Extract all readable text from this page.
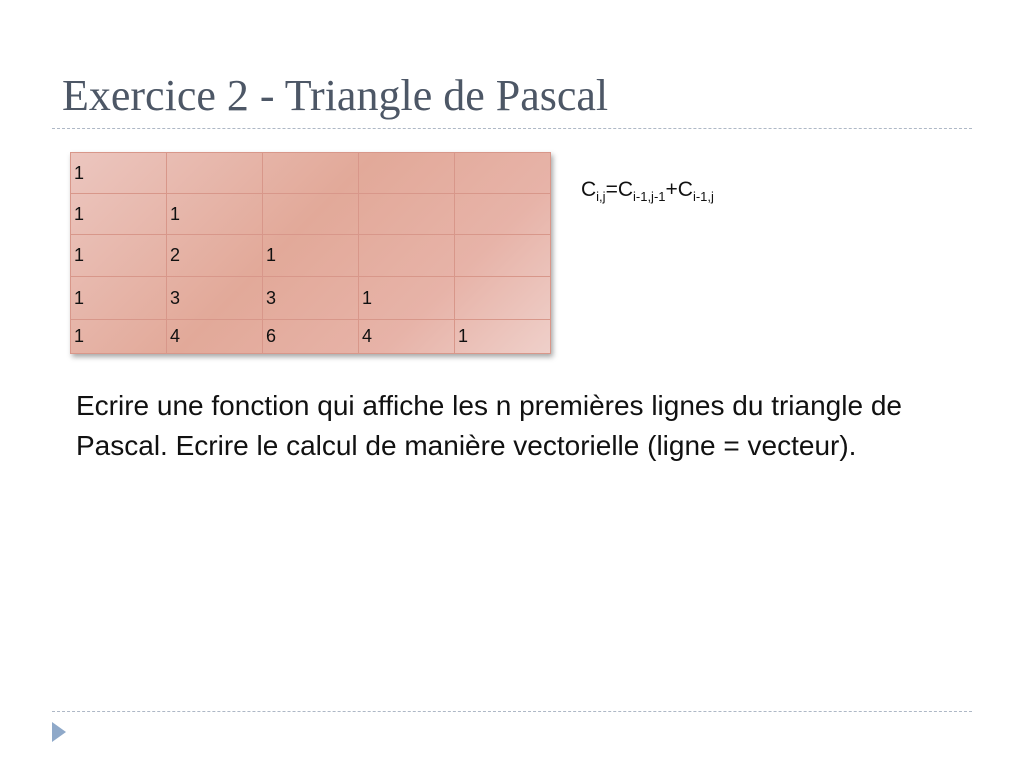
Exercice 2 - Triangle de Pascal
1				
1	1			
1	2	1		
1	3	3	1	
1	4	6	4	1
$C_{i,j}=C_{i-1,j-1}+C_{i-1,j}$

Ecrire une fonction qui affiche les n premières lignes du triangle de Pascal. Ecrire le calcul de manière vectorielle (ligne = vecteur).
